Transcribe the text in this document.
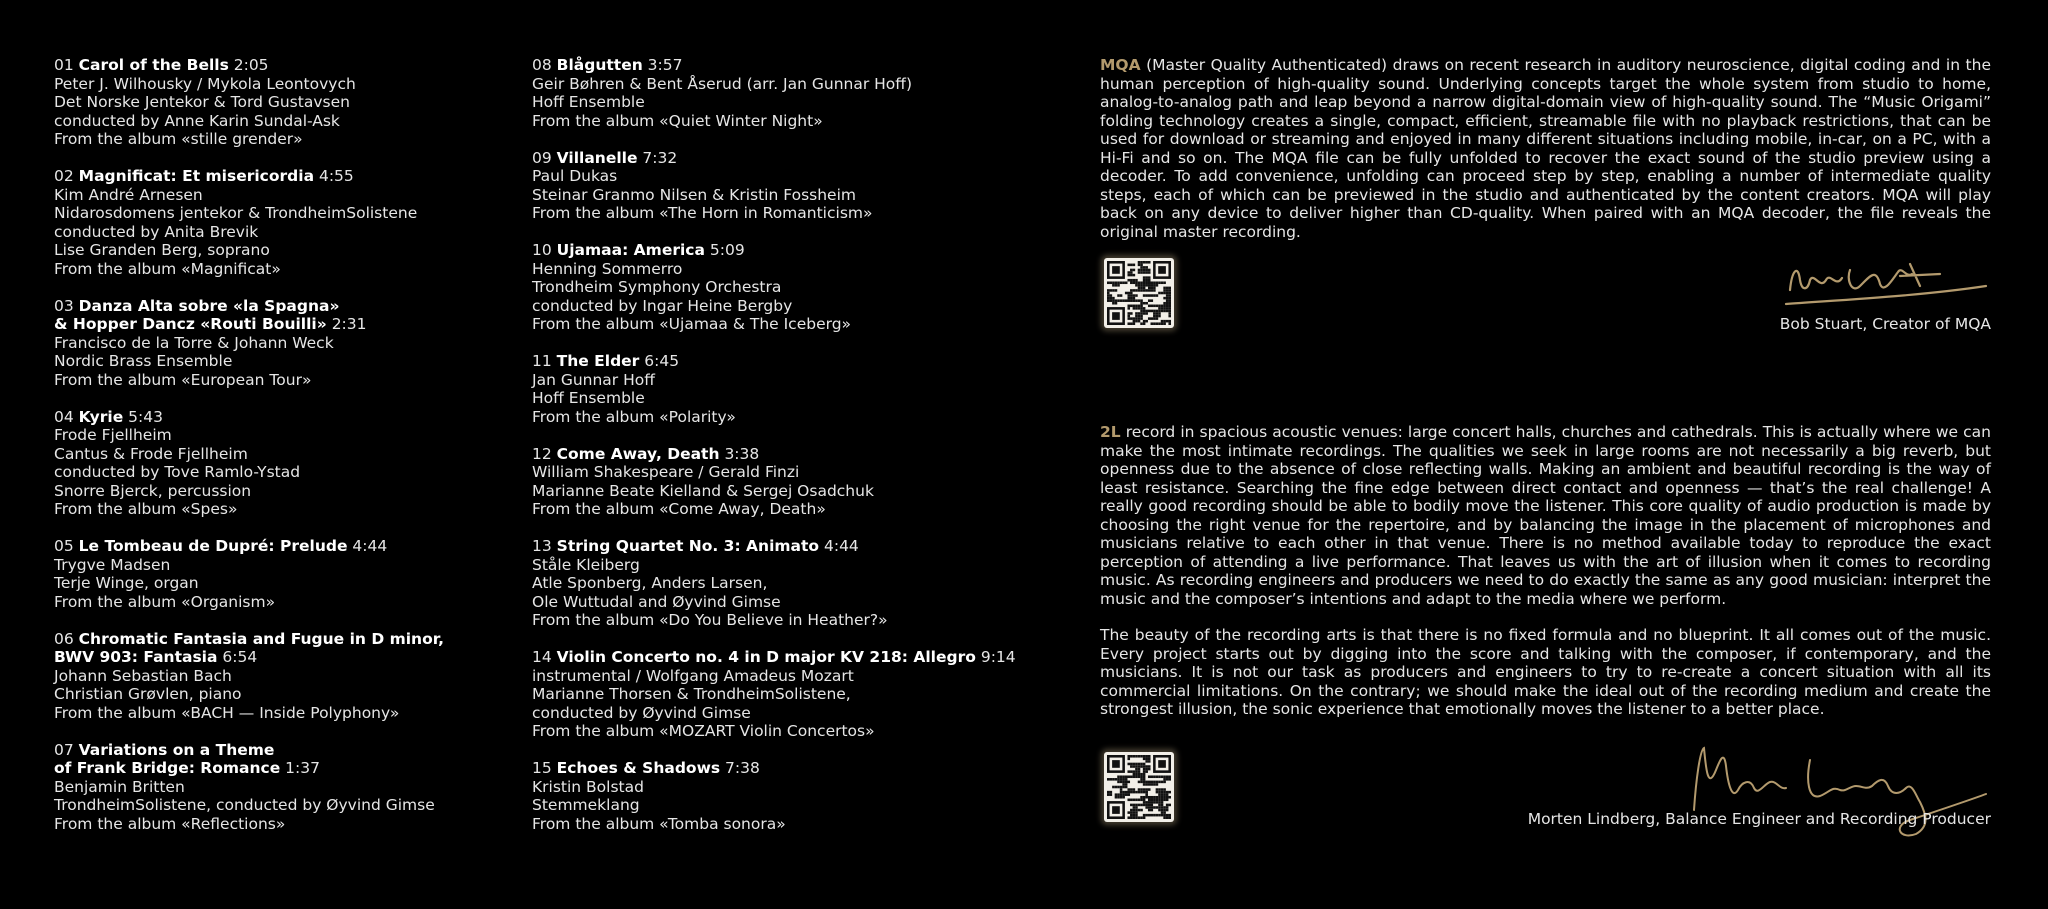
01 Carol of the Bells 2:05
Peter J. Wilhousky / Mykola Leontovych
Det Norske Jentekor & Tord Gustavsen
conducted by Anne Karin Sundal-Ask
From the album «stille grender»
02 Magnificat: Et misericordia 4:55
Kim André Arnesen
Nidarosdomens jentekor & TrondheimSolistene
conducted by Anita Brevik
Lise Granden Berg, soprano
From the album «Magnificat»
03 Danza Alta sobre «la Spagna»
& Hopper Dancz «Routi Bouilli» 2:31
Francisco de la Torre & Johann Weck
Nordic Brass Ensemble
From the album «European Tour»
04 Kyrie 5:43
Frode Fjellheim
Cantus & Frode Fjellheim
conducted by Tove Ramlo-Ystad
Snorre Bjerck, percussion
From the album «Spes»
05 Le Tombeau de Dupré: Prelude 4:44
Trygve Madsen
Terje Winge, organ
From the album «Organism»
06 Chromatic Fantasia and Fugue in D minor,
BWV 903: Fantasia 6:54
Johann Sebastian Bach
Christian Grøvlen, piano
From the album «BACH — Inside Polyphony»
07 Variations on a Theme
of Frank Bridge: Romance 1:37
Benjamin Britten
TrondheimSolistene, conducted by Øyvind Gimse
From the album «Reflections»
08 Blågutten 3:57
Geir Bøhren & Bent Åserud (arr. Jan Gunnar Hoff)
Hoff Ensemble
From the album «Quiet Winter Night»
09 Villanelle 7:32
Paul Dukas
Steinar Granmo Nilsen & Kristin Fossheim
From the album «The Horn in Romanticism»
10 Ujamaa: America 5:09
Henning Sommerro
Trondheim Symphony Orchestra
conducted by Ingar Heine Bergby
From the album «Ujamaa & The Iceberg»
11 The Elder 6:45
Jan Gunnar Hoff
Hoff Ensemble
From the album «Polarity»
12 Come Away, Death 3:38
William Shakespeare / Gerald Finzi
Marianne Beate Kielland & Sergej Osadchuk
From the album «Come Away, Death»
13 String Quartet No. 3: Animato 4:44
Ståle Kleiberg
Atle Sponberg, Anders Larsen,
Ole Wuttudal and Øyvind Gimse
From the album «Do You Believe in Heather?»
14 Violin Concerto no. 4 in D major KV 218: Allegro 9:14
instrumental / Wolfgang Amadeus Mozart
Marianne Thorsen & TrondheimSolistene,
conducted by Øyvind Gimse
From the album «MOZART Violin Concertos»
15 Echoes & Shadows 7:38
Kristin Bolstad
Stemmeklang
From the album «Tomba sonora»

MQA (Master Quality Authenticated) draws on recent research in auditory neuroscience, digital coding and in the human perception of high-quality sound. Underlying concepts target the whole system from studio to home, analog-to-analog path and leap beyond a narrow digital-domain view of high-quality sound. The “Music Origami” folding technology creates a single, compact, efficient, streamable file with no playback restrictions, that can be used for download or streaming and enjoyed in many different situations including mobile, in-car, on a PC, with a Hi-Fi and so on. The MQA file can be fully unfolded to recover the exact sound of the studio preview using a decoder. To add convenience, unfolding can proceed step by step, enabling a number of intermediate quality steps, each of which can be previewed in the studio and authenticated by the content creators. MQA will play back on any device to deliver higher than CD-quality. When paired with an MQA decoder, the file reveals the original master recording.

Bob Stuart, Creator of MQA

2L record in spacious acoustic venues: large concert halls, churches and cathedrals. This is actually where we can make the most intimate recordings. The qualities we seek in large rooms are not necessarily a big reverb, but openness due to the absence of close reflecting walls. Making an ambient and beautiful recording is the way of least resistance. Searching the fine edge between direct contact and openness — that’s the real challenge! A really good recording should be able to bodily move the listener. This core quality of audio production is made by choosing the right venue for the repertoire, and by balancing the image in the placement of microphones and musicians relative to each other in that venue. There is no method available today to reproduce the exact perception of attending a live performance. That leaves us with the art of illusion when it comes to recording music. As recording engineers and producers we need to do exactly the same as any good musician: interpret the music and the composer’s intentions and adapt to the media where we perform.

The beauty of the recording arts is that there is no fixed formula and no blueprint. It all comes out of the music. Every project starts out by digging into the score and talking with the composer, if contemporary, and the musicians. It is not our task as producers and engineers to try to re-create a concert situation with all its commercial limitations. On the contrary; we should make the ideal out of the recording medium and create the strongest illusion, the sonic experience that emotionally moves the listener to a better place.

Morten Lindberg, Balance Engineer and Recording Producer
